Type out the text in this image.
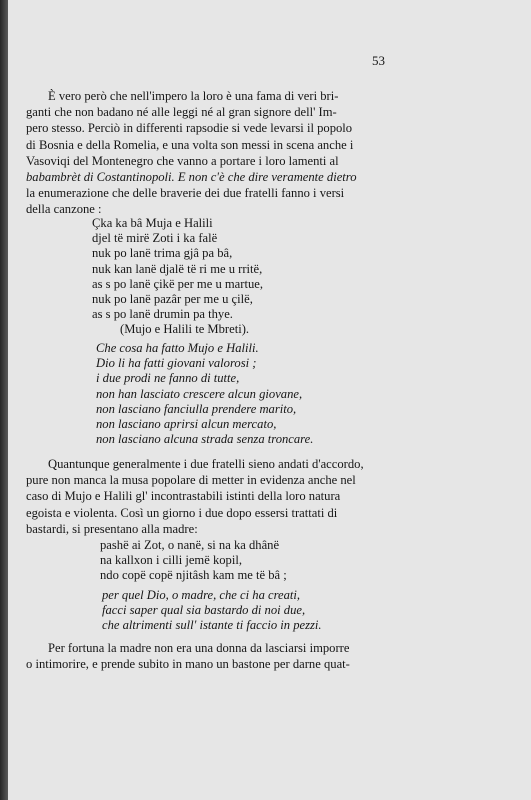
53
È vero però che nell'impero la loro è una fama di veri bri-
ganti che non badano né alle leggi né al gran signore dell' Im-
pero stesso. Perciò in differenti rapsodie si vede levarsi il popolo
di Bosnia e della Romelia, e una volta son messi in scena anche i
Vasoviqi del Montenegro che vanno a portare i loro lamenti al
babambrèt di Costantinopoli. E non c'è che dire veramente dietro
la enumerazione che delle braverie dei due fratelli fanno i versi
della canzone :
Çka ka bâ Muja e Halili
djel të mirë Zoti i ka falë
nuk po lanë trima gjâ pa bâ,
nuk kan lanë djalë të ri me u rritë,
as s po lanë çikë per me u martue,
nuk po lanë pazâr per me u çilë,
as s po lanë drumin pa thye.
(Mujo e Halili te Mbreti).
Che cosa ha fatto Mujo e Halili.
Dio li ha fatti giovani valorosi ;
i due prodi ne fanno di tutte,
non han lasciato crescere alcun giovane,
non lasciano fanciulla prendere marito,
non lasciano aprirsi alcun mercato,
non lasciano alcuna strada senza troncare.
Quantunque generalmente i due fratelli sieno andati d'accordo,
pure non manca la musa popolare di metter in evidenza anche nel
caso di Mujo e Halili gl' incontrastabili istinti della loro natura
egoista e violenta. Così un giorno i due dopo essersi trattati di
bastardi, si presentano alla madre:
pashë ai Zot, o nanë, si na ka dhânë
na kallxon i cilli jemë kopil,
ndo copë copë njitâsh kam me të bâ ;
per quel Dio, o madre, che ci ha creati,
facci saper qual sia bastardo di noi due,
che altrimenti sull' istante ti faccio in pezzi.
Per fortuna la madre non era una donna da lasciarsi imporre
o intimorire, e prende subito in mano un bastone per darne quat-
